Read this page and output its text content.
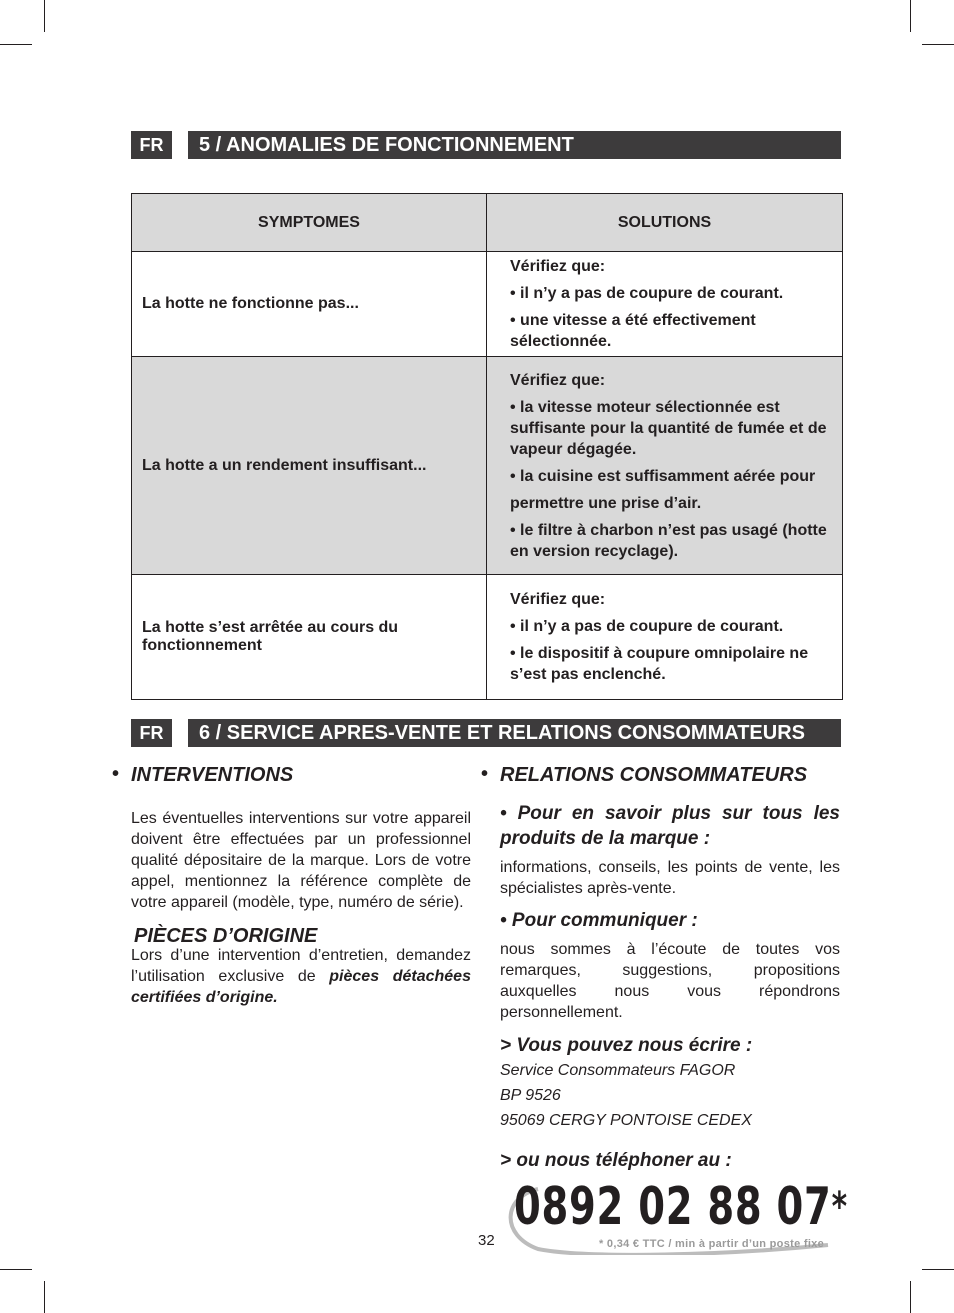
FR	5 / ANOMALIES DE FONCTIONNEMENT
SYMPTOMES	SOLUTIONS
La hotte ne fonctionne pas...	Vérifiez que:

• il n’y a pas de coupure de courant.

• une vitesse a été effectivement sélectionnée.

La hotte a un rendement insuffisant...	Vérifiez que:

• la vitesse moteur sélectionnée est suffisante pour la quantité de fumée et de vapeur dégagée.

• la cuisine est suffisamment aérée pour

permettre une prise d’air.

• le filtre à charbon n’est pas usagé (hotte en version recyclage).

La hotte s’est arrêtée au cours du fonctionnement	Vérifiez que:

• il n’y a pas de coupure de courant.

• le dispositif à coupure omnipolaire ne s’est pas enclenché.

FR	6 / SERVICE APRES-VENTE ET RELATIONS CONSOMMATEURS
• INTERVENTIONS

Les éventuelles interventions sur votre appareil doivent être effectuées par un professionnel qualité dépositaire de la marque. Lors de votre appel, mentionnez la référence complète de votre appareil (modèle, type, numéro de série).

PIÈCES D’ORIGINE

Lors d’une intervention d’entretien, demandez l’utilisation exclusive de pièces détachées certifiées d’origine.

• RELATIONS CONSOMMATEURS
• Pour en savoir plus sur tous les produits de la marque :

informations, conseils, les points de vente, les spécialistes après-vente.

• Pour communiquer :

nous sommes à l’écoute de toutes vos remarques, suggestions, propositions auxquelles nous vous répondrons personnellement.

> Vous pouvez nous écrire :
Service Consommateurs FAGOR
BP 9526
95069 CERGY PONTOISE CEDEX
> ou nous téléphoner au :
0892 02 88 07*
* 0,34 € TTC / min à partir d’un poste fixe
32
